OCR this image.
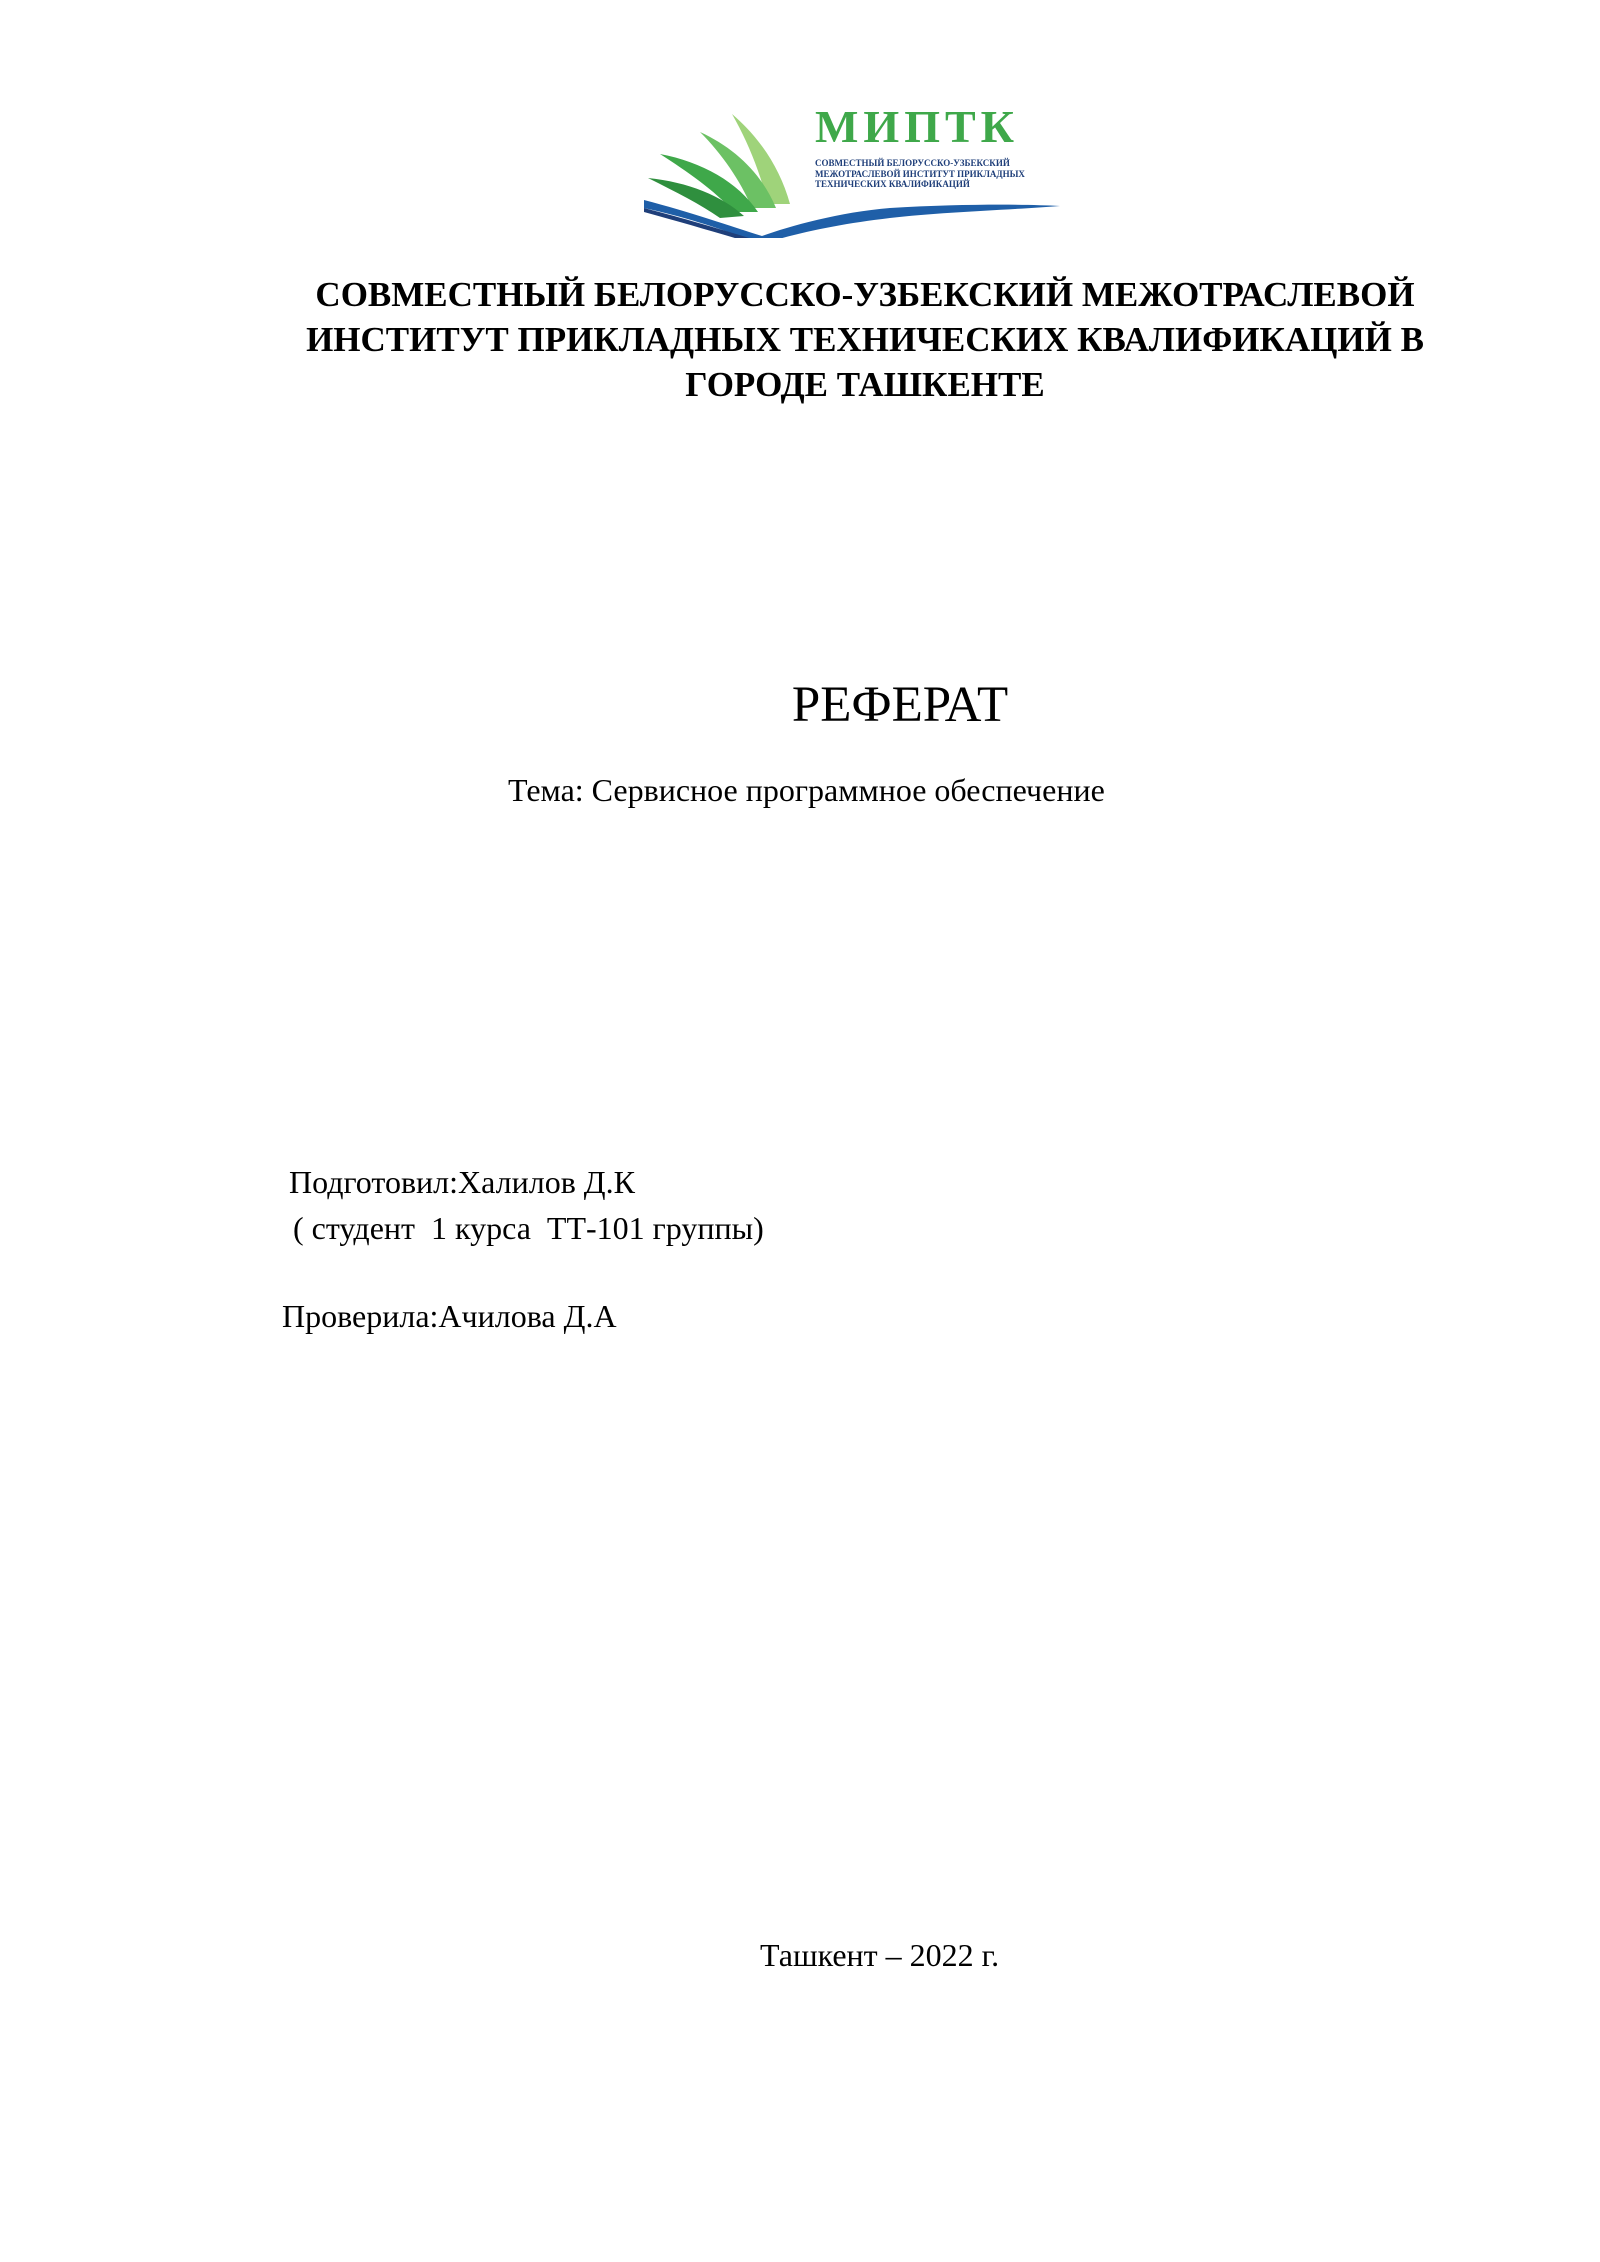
МИПТК
СОВМЕСТНЫЙ БЕЛОРУССКО-УЗБЕКСКИЙ
МЕЖОТРАСЛЕВОЙ ИНСТИТУТ ПРИКЛАДНЫХ
ТЕХНИЧЕСКИХ КВАЛИФИКАЦИЙ
СОВМЕСТНЫЙ БЕЛОРУССКО-УЗБЕКСКИЙ МЕЖОТРАСЛЕВОЙ
ИНСТИТУТ ПРИКЛАДНЫХ ТЕХНИЧЕСКИХ КВАЛИФИКАЦИЙ В
ГОРОДЕ ТАШКЕНТЕ
РЕФЕРАТ
Тема: Сервисное программное обеспечение
Подготовил:Халилов Д.К
( студент  1 курса  ТТ-101 группы)
Проверила:Ачилова Д.А
Ташкент – 2022 г.
